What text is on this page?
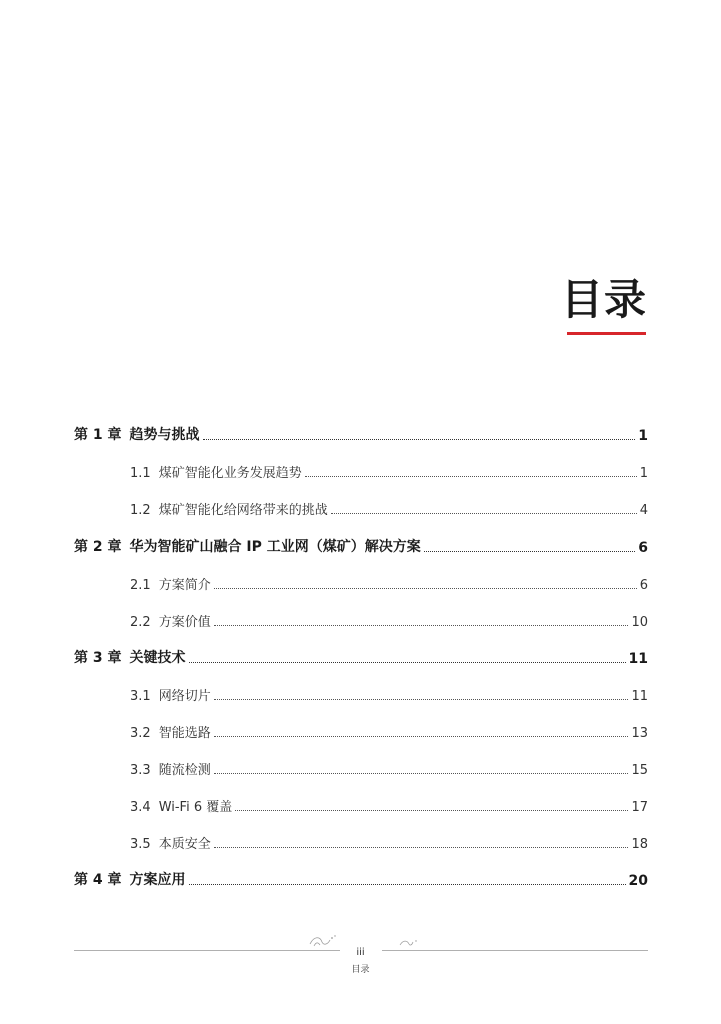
目录
第 1 章 趋势与挑战	1
1.1 煤矿智能化业务发展趋势	1
1.2 煤矿智能化给网络带来的挑战	4
第 2 章 华为智能矿山融合 IP 工业网（煤矿）解决方案	6
2.1 方案简介	6
2.2 方案价值	10
第 3 章 关键技术	11
3.1 网络切片	11
3.2 智能选路	13
3.3 随流检测	15
3.4 Wi-Fi 6 覆盖	17
3.5 本质安全	18
第 4 章 方案应用	20
iii
目录
